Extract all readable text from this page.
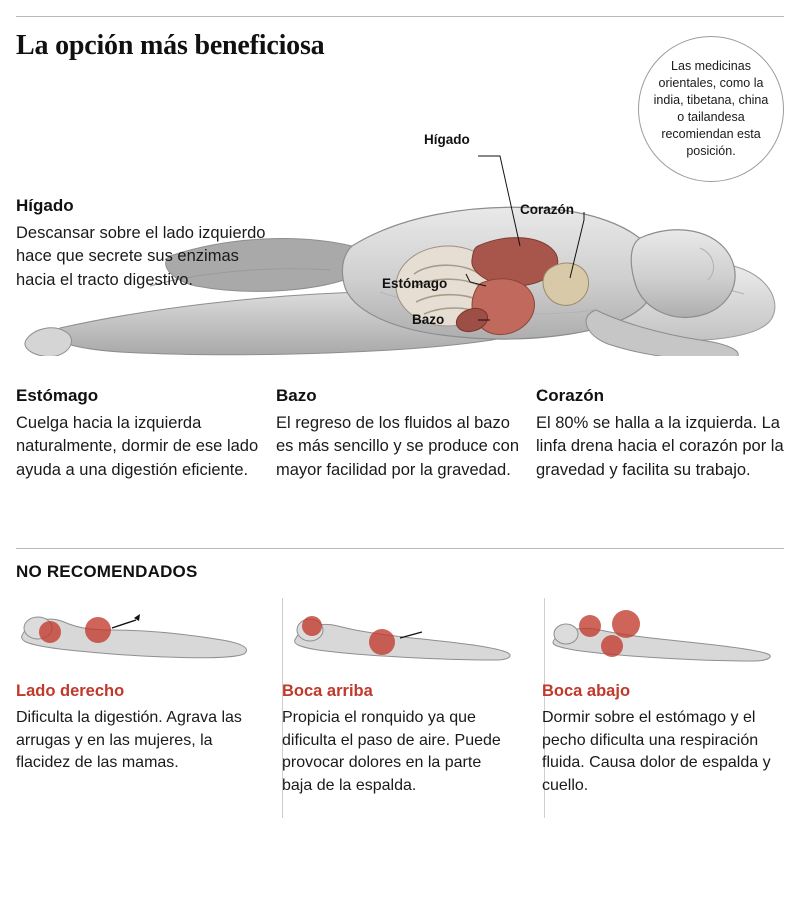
La opción más beneficiosa

Las medicinas orientales, como la india, tibetana, china o tailandesa recomiendan esta posición.

Hígado

Descansar sobre el lado izquierdo hace que secrete sus enzimas hacia el tracto digestivo.

Hígado
Corazón
Estómago
Bazo
Estómago

Cuelga hacia la izquierda naturalmente, dormir de ese lado ayuda a una digestión eficiente.

Bazo

El regreso de los fluidos al bazo es más sencillo y se produce con mayor facilidad por la gravedad.

Corazón

El 80% se halla a la izquierda. La linfa drena hacia el corazón por la gravedad y facilita su trabajo.

NO RECOMENDADOS
Lado derecho

Dificulta la digestión. Agrava las arrugas y en las mujeres, la flacidez de las mamas.

Boca arriba

Propicia el ronquido ya que dificulta el paso de aire. Puede provocar dolores en la parte baja de la espalda.

Boca abajo

Dormir sobre el estómago y el pecho dificulta una respiración fluida. Causa dolor de espalda y cuello.
